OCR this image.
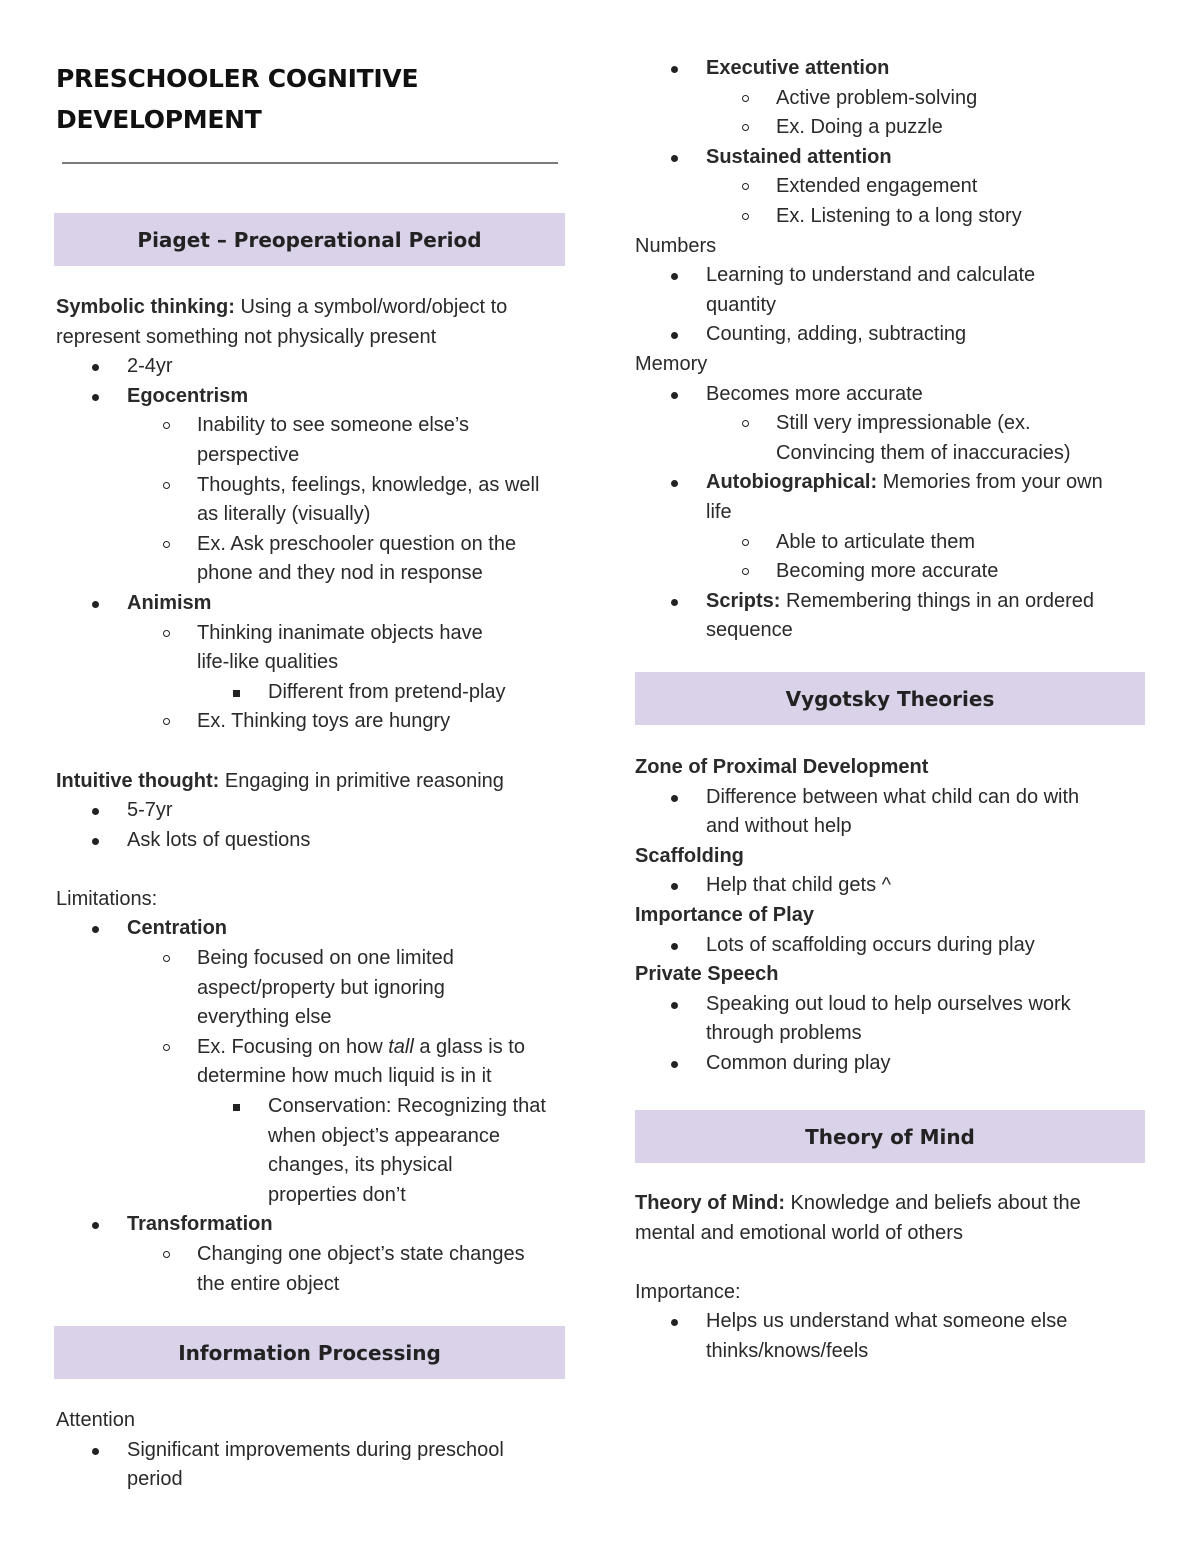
PRESCHOOLER COGNITIVE
DEVELOPMENT
Piaget – Preoperational Period
Symbolic thinking: Using a symbol/word/object to
represent something not physically present
2-4yr
Egocentrism
Inability to see someone else’s
perspective
Thoughts, feelings, knowledge, as well
as literally (visually)
Ex. Ask preschooler question on the
phone and they nod in response
Animism
Thinking inanimate objects have
life-like qualities
Different from pretend-play
Ex. Thinking toys are hungry
Intuitive thought: Engaging in primitive reasoning
5-7yr
Ask lots of questions
Limitations:
Centration
Being focused on one limited
aspect/property but ignoring
everything else
Ex. Focusing on how tall a glass is to
determine how much liquid is in it
Conservation: Recognizing that
when object’s appearance
changes, its physical
properties don’t
Transformation
Changing one object’s state changes
the entire object
Information Processing
Attention
Significant improvements during preschool
period
Executive attention
Active problem-solving
Ex. Doing a puzzle
Sustained attention
Extended engagement
Ex. Listening to a long story
Numbers
Learning to understand and calculate
quantity
Counting, adding, subtracting
Memory
Becomes more accurate
Still very impressionable (ex.
Convincing them of inaccuracies)
Autobiographical: Memories from your own
life
Able to articulate them
Becoming more accurate
Scripts: Remembering things in an ordered
sequence
Vygotsky Theories
Zone of Proximal Development
Difference between what child can do with
and without help
Scaffolding
Help that child gets ^
Importance of Play
Lots of scaffolding occurs during play
Private Speech
Speaking out loud to help ourselves work
through problems
Common during play
Theory of Mind
Theory of Mind: Knowledge and beliefs about the
mental and emotional world of others
Importance:
Helps us understand what someone else
thinks/knows/feels
